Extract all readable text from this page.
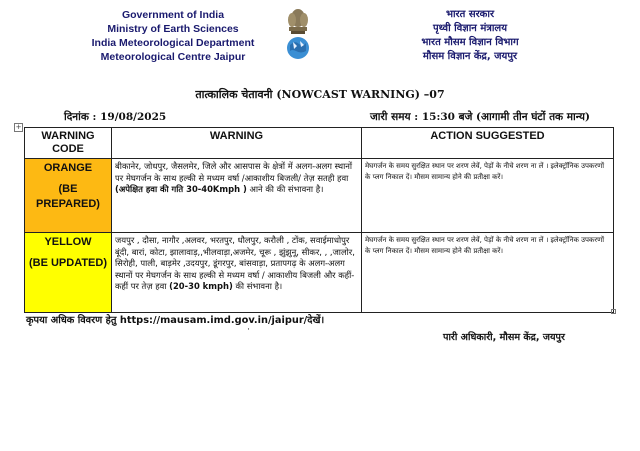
Government of India
Ministry of Earth Sciences
India Meteorological Department
Meteorological Centre Jaipur
भारत सरकार
पृथ्वी विज्ञान मंत्रालय
भारत मौसम विज्ञान विभाग
मौसम विज्ञान केंद्र, जयपुर
तात्कालिक चेतावनी (NOWCAST WARNING) –07
दिनांक : 19/08/2025	जारी समय : 15:30 बजे (आगामी तीन घंटों तक मान्य)
+
WARNING
CODE	WARNING	ACTION SUGGESTED

ORANGE
(BE
PREPARED)	बीकानेर, जोधपुर, जैसलमेर, जिले और आसपास के क्षेत्रों में अलग-अलग स्थानों पर मेघगर्जन के साथ हल्की से मध्यम वर्षा /आकाशीय बिजली/ तेज़ सतही हवा (अपेक्षित हवा की गति 30-40Kmph ) आने की की संभावना है।	मेघगर्जन के समय सुरक्षित स्थान पर शरण लेवें, पेड़ों के नीचे शरण ना लें । इलेक्ट्रॉनिक उपकरणों के प्लग निकाल दें। मौसम सामान्य होने की प्रतीक्षा करें।

YELLOW
(BE UPDATED)	जयपुर , दौसा, नागौर ,अलवर, भरतपुर, धौलपुर, करौली , टोंक, सवाईमाधोपुर बूंदी, बारां, कोटा, झालावाड़,,भीलवाड़ा,अजमेर, चूरू , झुंझुनू, सीकर, , ,जालोर, सिरोही, पाली, बाड़मेर ,उदयपुर, डूंगरपुर, बांसवाड़ा, प्रतापगढ़ के अलग-अलग स्थानों पर मेघगर्जन के साथ हल्की से मध्यम वर्षा / आकाशीय बिजली और कहीं-कहीं पर तेज़ हवा (20-30 kmph) की संभावना है।	मेघगर्जन के समय सुरक्षित स्थान पर शरण लेवें, पेड़ों के नीचे शरण ना लें । इलेक्ट्रॉनिक उपकरणों के प्लग निकाल दें। मौसम सामान्य होने की प्रतीक्षा करें।
कृपया अधिक विवरण हेतु https://mausam.imd.gov.in/jaipur/देखें।
˙	पारी अधिकारी, मौसम केंद्र, जयपुर
